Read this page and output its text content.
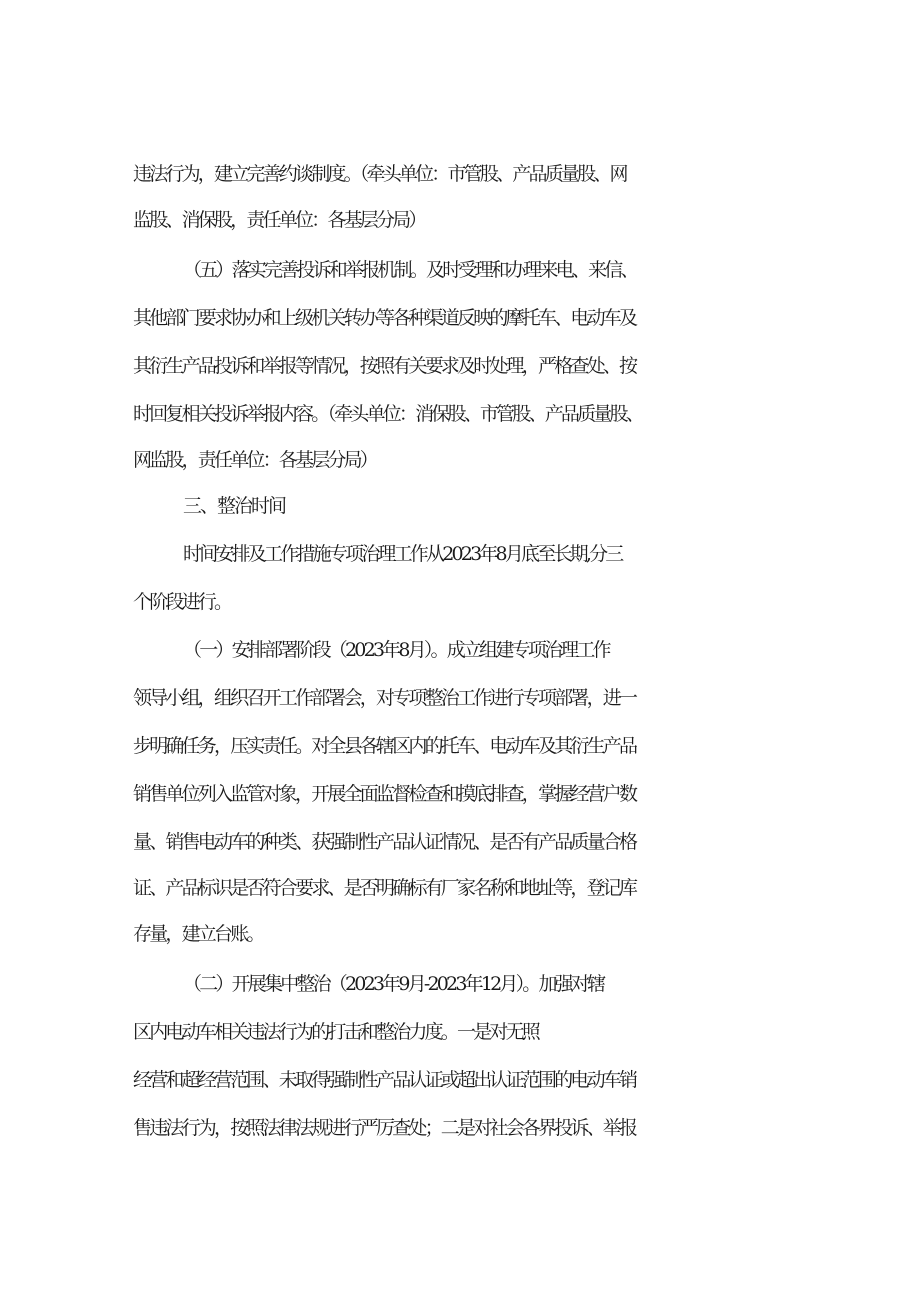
违法行为，建立完善约谈制度。（牵头单位：市管股、产品质量股、网
监股、消保股，责任单位：各基层分局）
（五）落实完善投诉和举报机制。及时受理和办理来电、来信、
其他部门要求协办和上级机关转办等各种渠道反映的摩托车、电动车及
其衍生产品投诉和举报等情况，按照有关要求及时处理，严格查处、按
时回复相关投诉举报内容。（牵头单位：消保股、市管股、产品质量股、
网监股，责任单位：各基层分局）
三、整治时间
时间安排及工作措施专项治理工作从2023年8月底至长期,分三
个阶段进行。
（一）安排部署阶段（2023年8月）。成立组建专项治理工作
领导小组，组织召开工作部署会，对专项整治工作进行专项部署，进一
步明确任务，压实责任。对全县各辖区内的托车、电动车及其衍生产品
销售单位列入监管对象，开展全面监督检查和摸底排查，掌握经营户数
量、销售电动车的种类、获强制性产品认证情况、是否有产品质量合格
证、产品标识是否符合要求、是否明确标有厂家名称和地址等，登记库
存量，建立台账。
（二）开展集中整治（2023年9月-2023年12月）。加强对辖
区内电动车相关违法行为的打击和整治力度。一是对无照
经营和超经营范围、未取得强制性产品认证或超出认证范围的电动车销
售违法行为，按照法律法规进行严厉查处；二是对社会各界投诉、举报
